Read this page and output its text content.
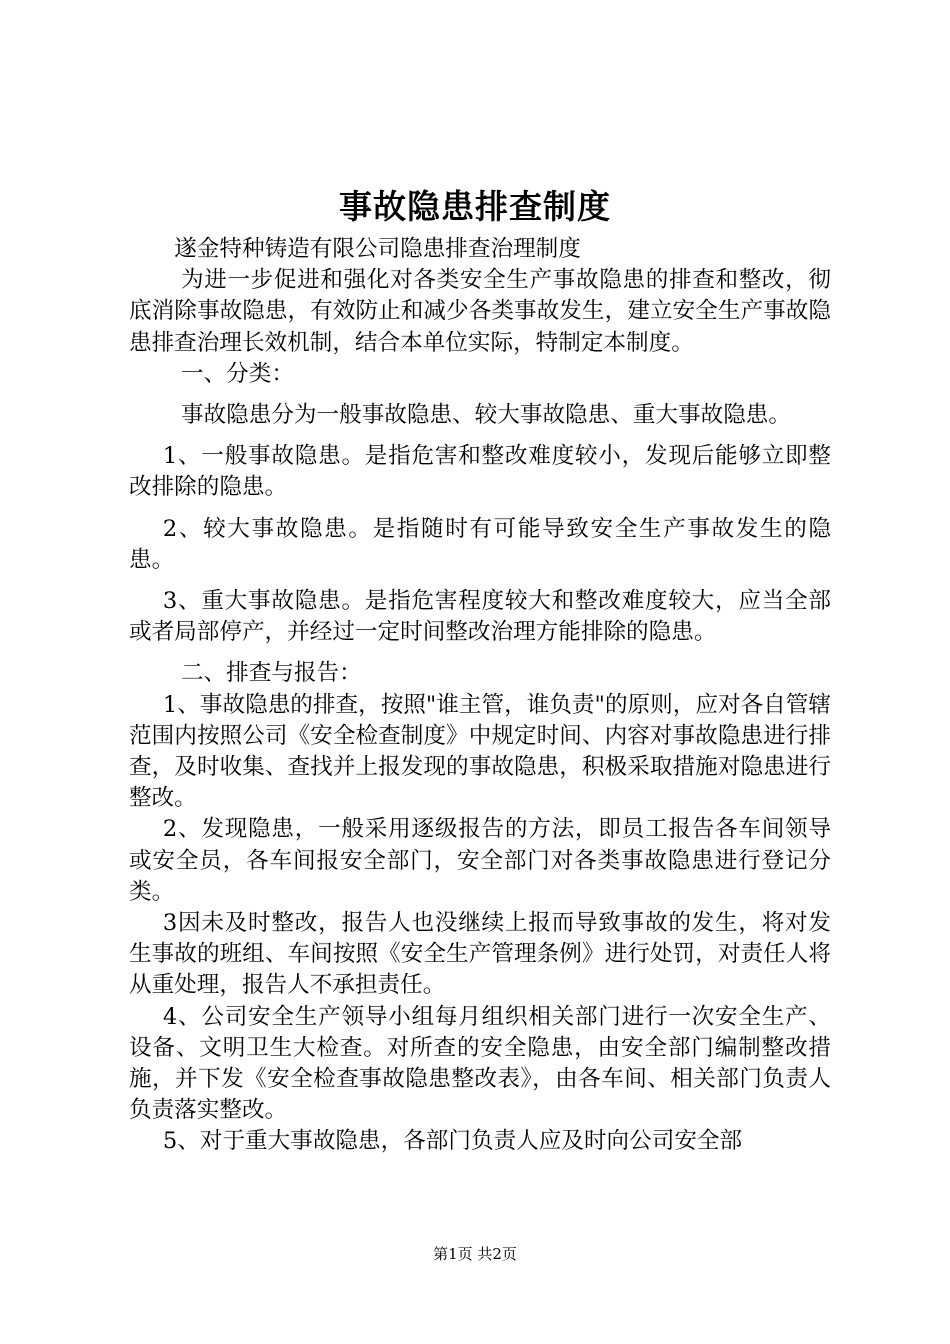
事故隐患排查制度

遂金特种铸造有限公司隐患排查治理制度

为进一步促进和强化对各类安全生产事故隐患的排查和整改，彻底消除事故隐患，有效防止和减少各类事故发生，建立安全生产事故隐患排查治理长效机制，结合本单位实际，特制定本制度。

一、分类：

事故隐患分为一般事故隐患、较大事故隐患、重大事故隐患。

1、一般事故隐患。是指危害和整改难度较小，发现后能够立即整改排除的隐患。

2、较大事故隐患。是指随时有可能导致安全生产事故发生的隐患。

3、重大事故隐患。是指危害程度较大和整改难度较大，应当全部或者局部停产，并经过一定时间整改治理方能排除的隐患。

二、排查与报告：

1、事故隐患的排查，按照"谁主管，谁负责"的原则，应对各自管辖范围内按照公司《安全检查制度》中规定时间、内容对事故隐患进行排查，及时收集、查找并上报发现的事故隐患，积极采取措施对隐患进行整改。

2、发现隐患，一般采用逐级报告的方法，即员工报告各车间领导或安全员，各车间报安全部门，安全部门对各类事故隐患进行登记分类。

3因未及时整改，报告人也没继续上报而导致事故的发生，将对发生事故的班组、车间按照《安全生产管理条例》进行处罚，对责任人将从重处理，报告人不承担责任。

4、公司安全生产领导小组每月组织相关部门进行一次安全生产、设备、文明卫生大检查。对所查的安全隐患，由安全部门编制整改措施，并下发《安全检查事故隐患整改表》，由各车间、相关部门负责人负责落实整改。

5、对于重大事故隐患，各部门负责人应及时向公司安全部

第1页 共2页
